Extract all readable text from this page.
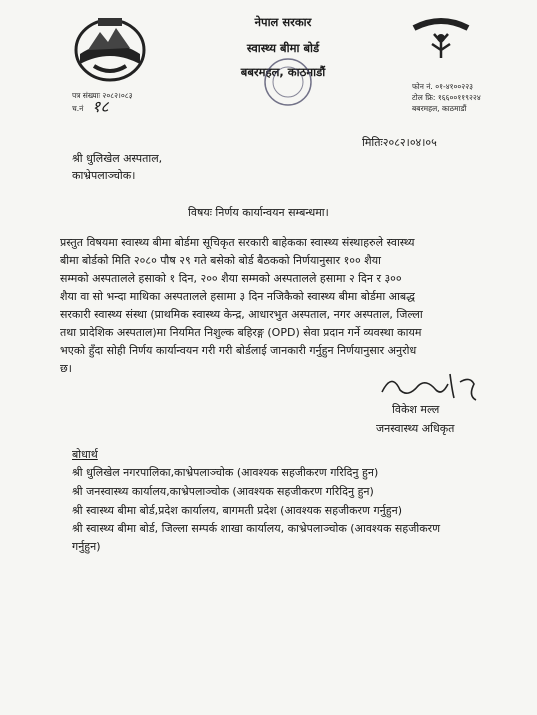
नेपाल सरकार
स्वास्थ्य बीमा बोर्ड
बबरमहल, काठमाडौं
पत्र संख्याः २०८२।०८३
च.नं १८
फोन नं. ०१-४१००२२३
टोल फ्रि: १६६००११९२२४
बबरमहल, काठमाडौं
मितिः२०८२।०४।०५
श्री धुलिखेल अस्पताल,
काभ्रेपलाञ्चोक।
विषयः निर्णय कार्यान्वयन सम्बन्धमा।
प्रस्तुत विषयमा स्वास्थ्य बीमा बोर्डमा सूचिकृत सरकारी बाहेकका स्वास्थ्य संस्थाहरुले स्वास्थ्य
बीमा बोर्डको मिति २०८० पौष २९ गते बसेको बोर्ड बैठकको निर्णयानुसार १०० शैया
सम्मको अस्पतालले हसाको १ दिन, २०० शैया सम्मको अस्पतालले हसामा २ दिन र ३००
शैया वा सो भन्दा माथिका अस्पतालले हसामा ३ दिन नजिकैको स्वास्थ्य बीमा बोर्डमा आबद्ध
सरकारी स्वास्थ्य संस्था (प्राथमिक स्वास्थ्य केन्द्र, आधारभुत अस्पताल, नगर अस्पताल, जिल्ला
तथा प्रादेशिक अस्पताल)मा नियमित निशुल्क बहिरङ्ग (OPD) सेवा प्रदान गर्ने व्यवस्था कायम
भएको हुँदा सोही निर्णय कार्यान्वयन गरी गरी बोर्डलाई जानकारी गर्नुहुन निर्णयानुसार अनुरोध
छ।
विकेश मल्ल
जनस्वास्थ्य अधिकृत
बोधार्थ
श्री धुलिखेल नगरपालिका,काभ्रेपलाञ्चोक (आवश्यक सहजीकरण गरिदिनु हुन)
श्री जनस्वास्थ्य कार्यालय,काभ्रेपलाञ्चोक (आवश्यक सहजीकरण गरिदिनु हुन)
श्री स्वास्थ्य बीमा बोर्ड,प्रदेश कार्यालय, बागमती प्रदेश (आवश्यक सहजीकरण गर्नुहुन)
श्री स्वास्थ्य बीमा बोर्ड, जिल्ला सम्पर्क शाखा कार्यालय, काभ्रेपलाञ्चोक (आवश्यक सहजीकरण
गर्नुहुन)
